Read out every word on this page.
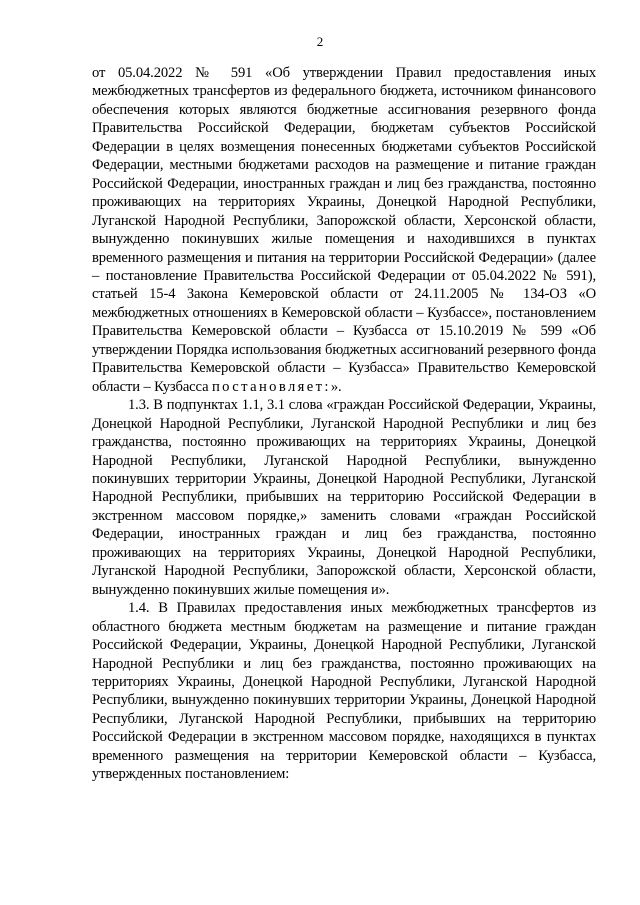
2

от 05.04.2022 № 591 «Об утверждении Правил предоставления иных межбюджетных трансфертов из федерального бюджета, источником финансового обеспечения которых являются бюджетные ассигнования резервного фонда Правительства Российской Федерации, бюджетам субъектов Российской Федерации в целях возмещения понесенных бюджетами субъектов Российской Федерации, местными бюджетами расходов на размещение и питание граждан Российской Федерации, иностранных граждан и лиц без гражданства, постоянно проживающих на территориях Украины, Донецкой Народной Республики, Луганской Народной Республики, Запорожской области, Херсонской области, вынужденно покинувших жилые помещения и находившихся в пунктах временного размещения и питания на территории Российской Федерации» (далее – постановление Правительства Российской Федерации от 05.04.2022 № 591), статьей 15-4 Закона Кемеровской области от 24.11.2005 № 134-ОЗ «О межбюджетных отношениях в Кемеровской области – Кузбассе», постановлением Правительства Кемеровской области – Кузбасса от 15.10.2019 № 599 «Об утверждении Порядка использования бюджетных ассигнований резервного фонда Правительства Кемеровской области – Кузбасса» Правительство Кемеровской области – Кузбасса постановляет:».

1.3. В подпунктах 1.1, 3.1 слова «граждан Российской Федерации, Украины, Донецкой Народной Республики, Луганской Народной Республики и лиц без гражданства, постоянно проживающих на территориях Украины, Донецкой Народной Республики, Луганской Народной Республики, вынужденно покинувших территории Украины, Донецкой Народной Республики, Луганской Народной Республики, прибывших на территорию Российской Федерации в экстренном массовом порядке,» заменить словами «граждан Российской Федерации, иностранных граждан и лиц без гражданства, постоянно проживающих на территориях Украины, Донецкой Народной Республики, Луганской Народной Республики, Запорожской области, Херсонской области, вынужденно покинувших жилые помещения и».

1.4. В Правилах предоставления иных межбюджетных трансфертов из областного бюджета местным бюджетам на размещение и питание граждан Российской Федерации, Украины, Донецкой Народной Республики, Луганской Народной Республики и лиц без гражданства, постоянно проживающих на территориях Украины, Донецкой Народной Республики, Луганской Народной Республики, вынужденно покинувших территории Украины, Донецкой Народной Республики, Луганской Народной Республики, прибывших на территорию Российской Федерации в экстренном массовом порядке, находящихся в пунктах временного размещения на территории Кемеровской области – Кузбасса, утвержденных постановлением:
